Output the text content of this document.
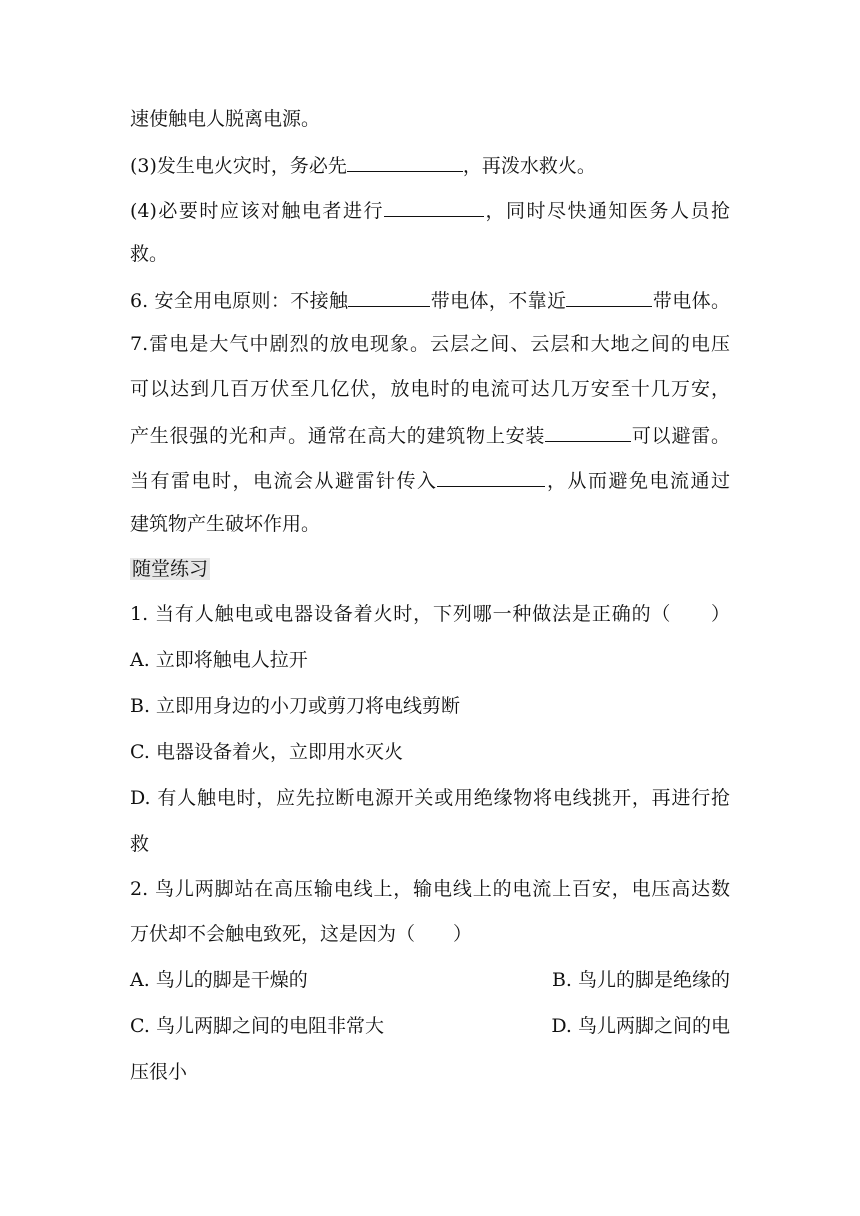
速使触电人脱离电源。
(3)发生电火灾时，务必先	，再泼水救火。
(4)必要时应该对触电者进行	，同时尽快通知医务人员抢
救。
6. 安全用电原则：不接触	带电体，不靠近	带电体。
7.雷电是大气中剧烈的放电现象。云层之间、云层和大地之间的电压
可以达到几百万伏至几亿伏，放电时的电流可达几万安至十几万安，
产生很强的光和声。通常在高大的建筑物上安装	可以避雷。
当有雷电时，电流会从避雷针传入	，从而避免电流通过
建筑物产生破坏作用。
随堂练习
1. 当有人触电或电器设备着火时，下列哪一种做法是正确的（　　）
A. 立即将触电人拉开
B. 立即用身边的小刀或剪刀将电线剪断
C. 电器设备着火，立即用水灭火
D. 有人触电时，应先拉断电源开关或用绝缘物将电线挑开，再进行抢
救
2. 鸟儿两脚站在高压输电线上，输电线上的电流上百安，电压高达数
万伏却不会触电致死，这是因为（　　）
A. 鸟儿的脚是干燥的	B. 鸟儿的脚是绝缘的
C. 鸟儿两脚之间的电阻非常大	D. 鸟儿两脚之间的电
压很小
